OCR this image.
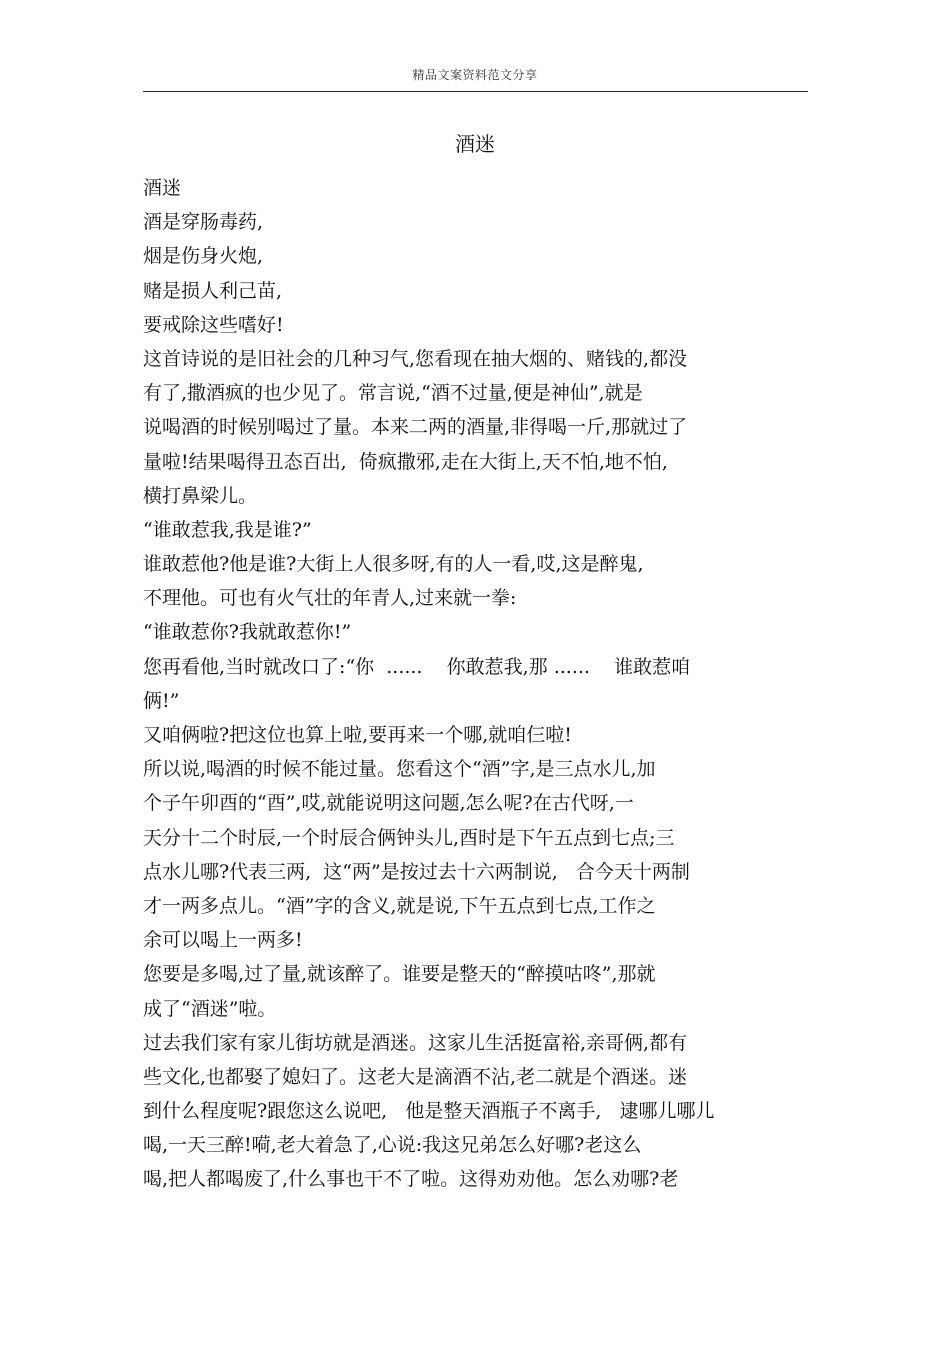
精品文案资料范文分享
酒迷
酒迷
酒是穿肠毒药,
烟是伤身火炮,
赌是损人利己苗,
要戒除这些嗜好!
这首诗说的是旧社会的几种习气,您看现在抽大烟的、赌钱的,都没
有了,撒酒疯的也少见了。常言说,“酒不过量,便是神仙”,就是
说喝酒的时候别喝过了量。本来二两的酒量,非得喝一斤,那就过了
量啦!结果喝得丑态百出,  倚疯撒邪,走在大街上,天不怕,地不怕,
横打鼻梁儿。
“谁敢惹我,我是谁?”
谁敢惹他?他是谁?大街上人很多呀,有的人一看,哎,这是醉鬼,
不理他。可也有火气壮的年青人,过来就一拳:
“谁敢惹你?我就敢惹你!”
您再看他,当时就改口了:“你  ......    你敢惹我,那 ......    谁敢惹咱
俩!”
又咱俩啦?把这位也算上啦,要再来一个哪,就咱仨啦!
所以说,喝酒的时候不能过量。您看这个“酒”字,是三点水儿,加
个子午卯酉的“酉”,哎,就能说明这问题,怎么呢?在古代呀,一
天分十二个时辰,一个时辰合俩钟头儿,酉时是下午五点到七点;三
点水儿哪?代表三两,  这“两”是按过去十六两制说,   合今天十两制
才一两多点儿。“酒”字的含义,就是说,下午五点到七点,工作之
余可以喝上一两多!
您要是多喝,过了量,就该醉了。谁要是整天的“醉摸咕咚”,那就
成了“酒迷”啦。
过去我们家有家儿街坊就是酒迷。这家儿生活挺富裕,亲哥俩,都有
些文化,也都娶了媳妇了。这老大是滴酒不沾,老二就是个酒迷。迷
到什么程度呢?跟您这么说吧,   他是整天酒瓶子不离手,   逮哪儿哪儿
喝,一天三醉!嗬,老大着急了,心说:我这兄弟怎么好哪?老这么
喝,把人都喝废了,什么事也干不了啦。这得劝劝他。怎么劝哪?老
